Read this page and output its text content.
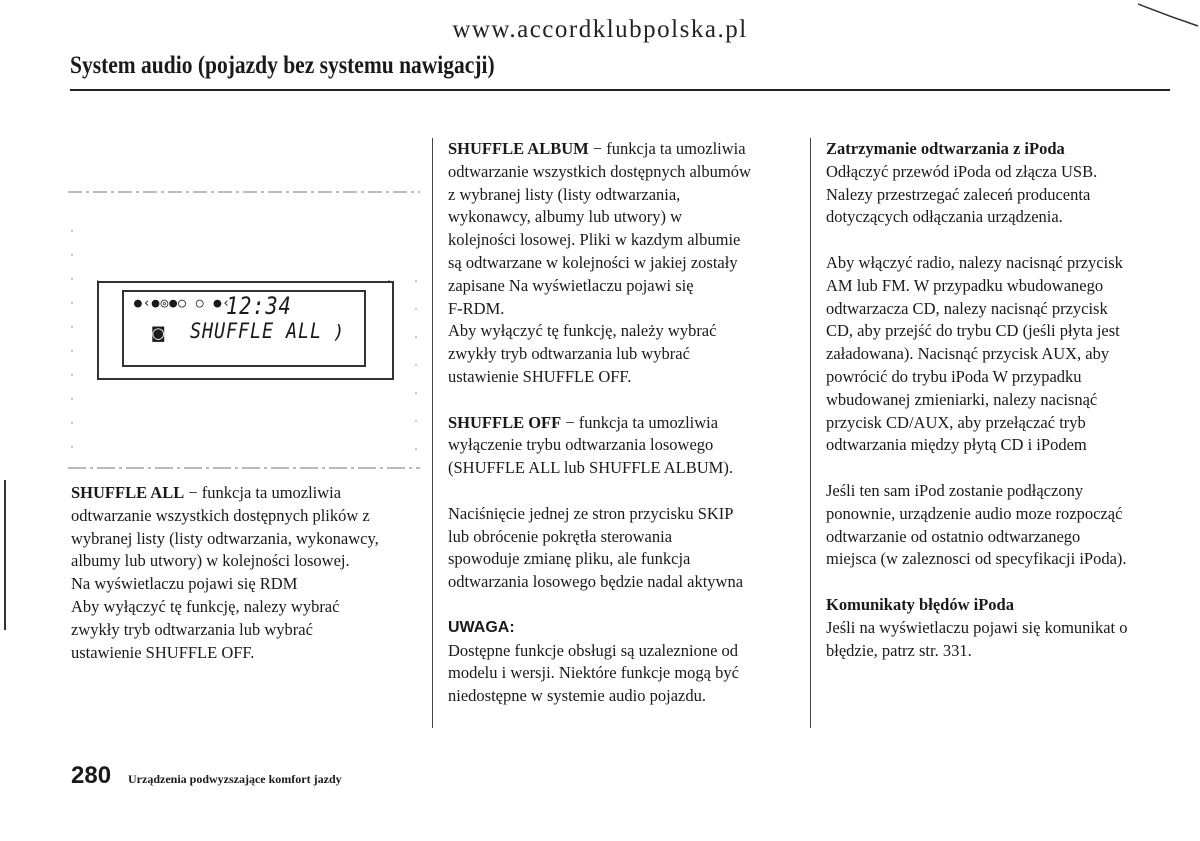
www.accordklubpolska.pl
System audio (pojazdy bez systemu nawigacji)
●‹●◎●○ ○ ●‹
12:34
◙ SHUFFLE ALL )

SHUFFLE ALL − funkcja ta umozliwia

odtwarzanie wszystkich dostępnych plików z

wybranej listy (listy odtwarzania, wykonawcy,

albumy lub utwory) w kolejności losowej.

Na wyświetlaczu pojawi się RDM

Aby wyłączyć tę funkcję, nalezy wybrać

zwykły tryb odtwarzania lub wybrać

ustawienie SHUFFLE OFF.

SHUFFLE ALBUM − funkcja ta umozliwia

odtwarzanie wszystkich dostępnych albumów

z wybranej listy (listy odtwarzania,

wykonawcy, albumy lub utwory) w

kolejności losowej. Pliki w kazdym albumie

są odtwarzane w kolejności w jakiej zostały

zapisane Na wyświetlaczu pojawi się

F-RDM.

Aby wyłączyć tę funkcję, należy wybrać

zwykły tryb odtwarzania lub wybrać

ustawienie SHUFFLE OFF.

SHUFFLE OFF − funkcja ta umozliwia

wyłączenie trybu odtwarzania losowego

(SHUFFLE ALL lub SHUFFLE ALBUM).

Naciśnięcie jednej ze stron przycisku SKIP

lub obrócenie pokrętła sterowania

spowoduje zmianę pliku, ale funkcja

odtwarzania losowego będzie nadal aktywna

UWAGA:

Dostępne funkcje obsługi są uzaleznione od

modelu i wersji. Niektóre funkcje mogą być

niedostępne w systemie audio pojazdu.

Zatrzymanie odtwarzania z iPoda

Odłączyć przewód iPoda od złącza USB.

Nalezy przestrzegać zaleceń producenta

dotyczących odłączania urządzenia.

Aby włączyć radio, nalezy nacisnąć przycisk

AM lub FM. W przypadku wbudowanego

odtwarzacza CD, nalezy nacisnąć przycisk

CD, aby przejść do trybu CD (jeśli płyta jest

załadowana). Nacisnąć przycisk AUX, aby

powrócić do trybu iPoda W przypadku

wbudowanej zmieniarki, nalezy nacisnąć

przycisk CD/AUX, aby przełączać tryb

odtwarzania między płytą CD i iPodem

Jeśli ten sam iPod zostanie podłączony

ponownie, urządzenie audio moze rozpocząć

odtwarzanie od ostatnio odtwarzanego

miejsca (w zaleznosci od specyfikacji iPoda).

Komunikaty błędów iPoda

Jeśli na wyświetlaczu pojawi się komunikat o

błędzie, patrz str. 331.

280 Urządzenia podwyzszające komfort jazdy
